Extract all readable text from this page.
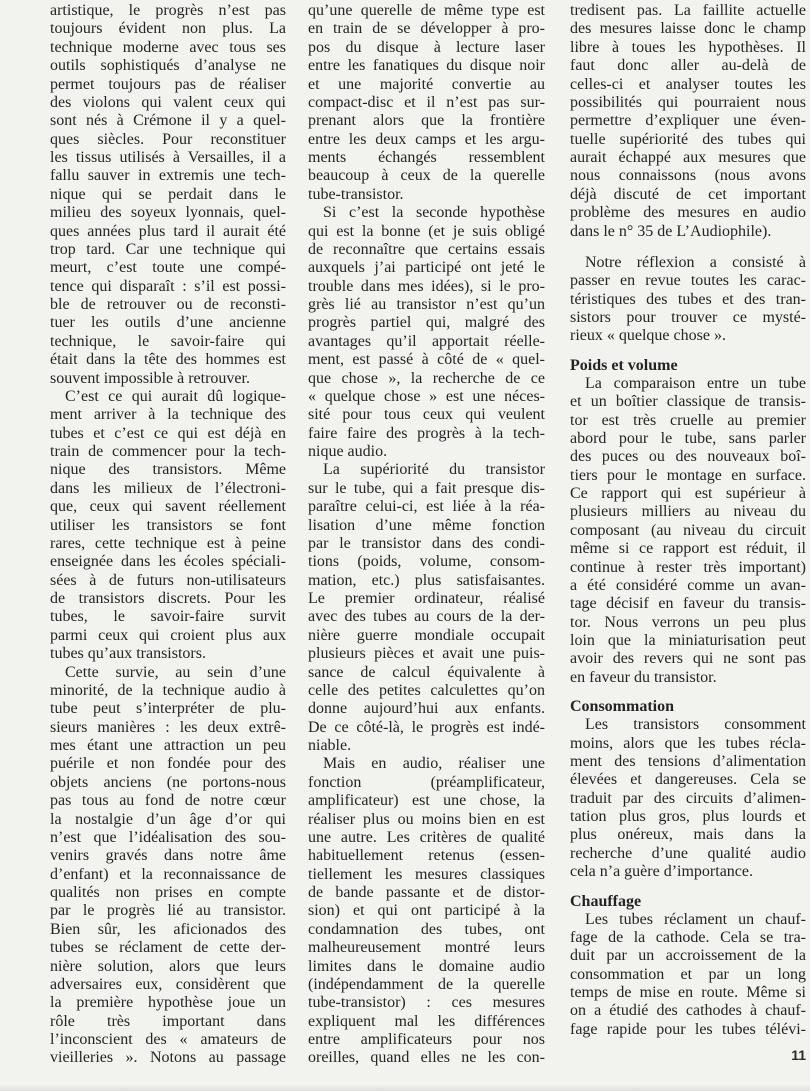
artistique, le progrès n’est pas
toujours évident non plus. La
technique moderne avec tous ses
outils sophistiqués d’analyse ne
permet toujours pas de réaliser
des violons qui valent ceux qui
sont nés à Crémone il y a quel-
ques siècles. Pour reconstituer
les tissus utilisés à Versailles, il a
fallu sauver in extremis une tech-
nique qui se perdait dans le
milieu des soyeux lyonnais, quel-
ques années plus tard il aurait été
trop tard. Car une technique qui
meurt, c’est toute une compé-
tence qui disparaît : s’il est possi-
ble de retrouver ou de reconsti-
tuer les outils d’une ancienne
technique, le savoir-faire qui
était dans la tête des hommes est
souvent impossible à retrouver.
C’est ce qui aurait dû logique-
ment arriver à la technique des
tubes et c’est ce qui est déjà en
train de commencer pour la tech-
nique des transistors. Même
dans les milieux de l’électroni-
que, ceux qui savent réellement
utiliser les transistors se font
rares, cette technique est à peine
enseignée dans les écoles spéciali-
sées à de futurs non-utilisateurs
de transistors discrets. Pour les
tubes, le savoir-faire survit
parmi ceux qui croient plus aux
tubes qu’aux transistors.
Cette survie, au sein d’une
minorité, de la technique audio à
tube peut s’interpréter de plu-
sieurs manières : les deux extrê-
mes étant une attraction un peu
puérile et non fondée pour des
objets anciens (ne portons-nous
pas tous au fond de notre cœur
la nostalgie d’un âge d’or qui
n’est que l’idéalisation des sou-
venirs gravés dans notre âme
d’enfant) et la reconnaissance de
qualités non prises en compte
par le progrès lié au transistor.
Bien sûr, les aficionados des
tubes se réclament de cette der-
nière solution, alors que leurs
adversaires eux, considèrent que
la première hypothèse joue un
rôle très important dans
l’inconscient des « amateurs de
vieilleries ». Notons au passage
qu’une querelle de même type est
en train de se développer à pro-
pos du disque à lecture laser
entre les fanatiques du disque noir
et une majorité convertie au
compact-disc et il n’est pas sur-
prenant alors que la frontière
entre les deux camps et les argu-
ments échangés ressemblent
beaucoup à ceux de la querelle
tube-transistor.
Si c’est la seconde hypothèse
qui est la bonne (et je suis obligé
de reconnaître que certains essais
auxquels j’ai participé ont jeté le
trouble dans mes idées), si le pro-
grès lié au transistor n’est qu’un
progrès partiel qui, malgré des
avantages qu’il apportait réelle-
ment, est passé à côté de « quel-
que chose », la recherche de ce
« quelque chose » est une néces-
sité pour tous ceux qui veulent
faire faire des progrès à la tech-
nique audio.
La supériorité du transistor
sur le tube, qui a fait presque dis-
paraître celui-ci, est liée à la réa-
lisation d’une même fonction
par le transistor dans des condi-
tions (poids, volume, consom-
mation, etc.) plus satisfaisantes.
Le premier ordinateur, réalisé
avec des tubes au cours de la der-
nière guerre mondiale occupait
plusieurs pièces et avait une puis-
sance de calcul équivalente à
celle des petites calculettes qu’on
donne aujourd’hui aux enfants.
De ce côté-là, le progrès est indé-
niable.
Mais en audio, réaliser une
fonction (préamplificateur,
amplificateur) est une chose, la
réaliser plus ou moins bien en est
une autre. Les critères de qualité
habituellement retenus (essen-
tiellement les mesures classiques
de bande passante et de distor-
sion) et qui ont participé à la
condamnation des tubes, ont
malheureusement montré leurs
limites dans le domaine audio
(indépendamment de la querelle
tube-transistor) : ces mesures
expliquent mal les différences
entre amplificateurs pour nos
oreilles, quand elles ne les con-
tredisent pas. La faillite actuelle
des mesures laisse donc le champ
libre à toues les hypothèses. Il
faut donc aller au-delà de
celles-ci et analyser toutes les
possibilités qui pourraient nous
permettre d’expliquer une éven-
tuelle supériorité des tubes qui
aurait échappé aux mesures que
nous connaissons (nous avons
déjà discuté de cet important
problème des mesures en audio
dans le n° 35 de L’Audiophile).
Notre réflexion a consisté à
passer en revue toutes les carac-
téristiques des tubes et des tran-
sistors pour trouver ce mysté-
rieux « quelque chose ».
Poids et volume
La comparaison entre un tube
et un boîtier classique de transis-
tor est très cruelle au premier
abord pour le tube, sans parler
des puces ou des nouveaux boî-
tiers pour le montage en surface.
Ce rapport qui est supérieur à
plusieurs milliers au niveau du
composant (au niveau du circuit
même si ce rapport est réduit, il
continue à rester très important)
a été considéré comme un avan-
tage décisif en faveur du transis-
tor. Nous verrons un peu plus
loin que la miniaturisation peut
avoir des revers qui ne sont pas
en faveur du transistor.
Consommation
Les transistors consomment
moins, alors que les tubes récla-
ment des tensions d’alimentation
élevées et dangereuses. Cela se
traduit par des circuits d’alimen-
tation plus gros, plus lourds et
plus onéreux, mais dans la
recherche d’une qualité audio
cela n’a guère d’importance.
Chauffage
Les tubes réclament un chauf-
fage de la cathode. Cela se tra-
duit par un accroissement de la
consommation et par un long
temps de mise en route. Même si
on a étudié des cathodes à chauf-
fage rapide pour les tubes télévi-
11
